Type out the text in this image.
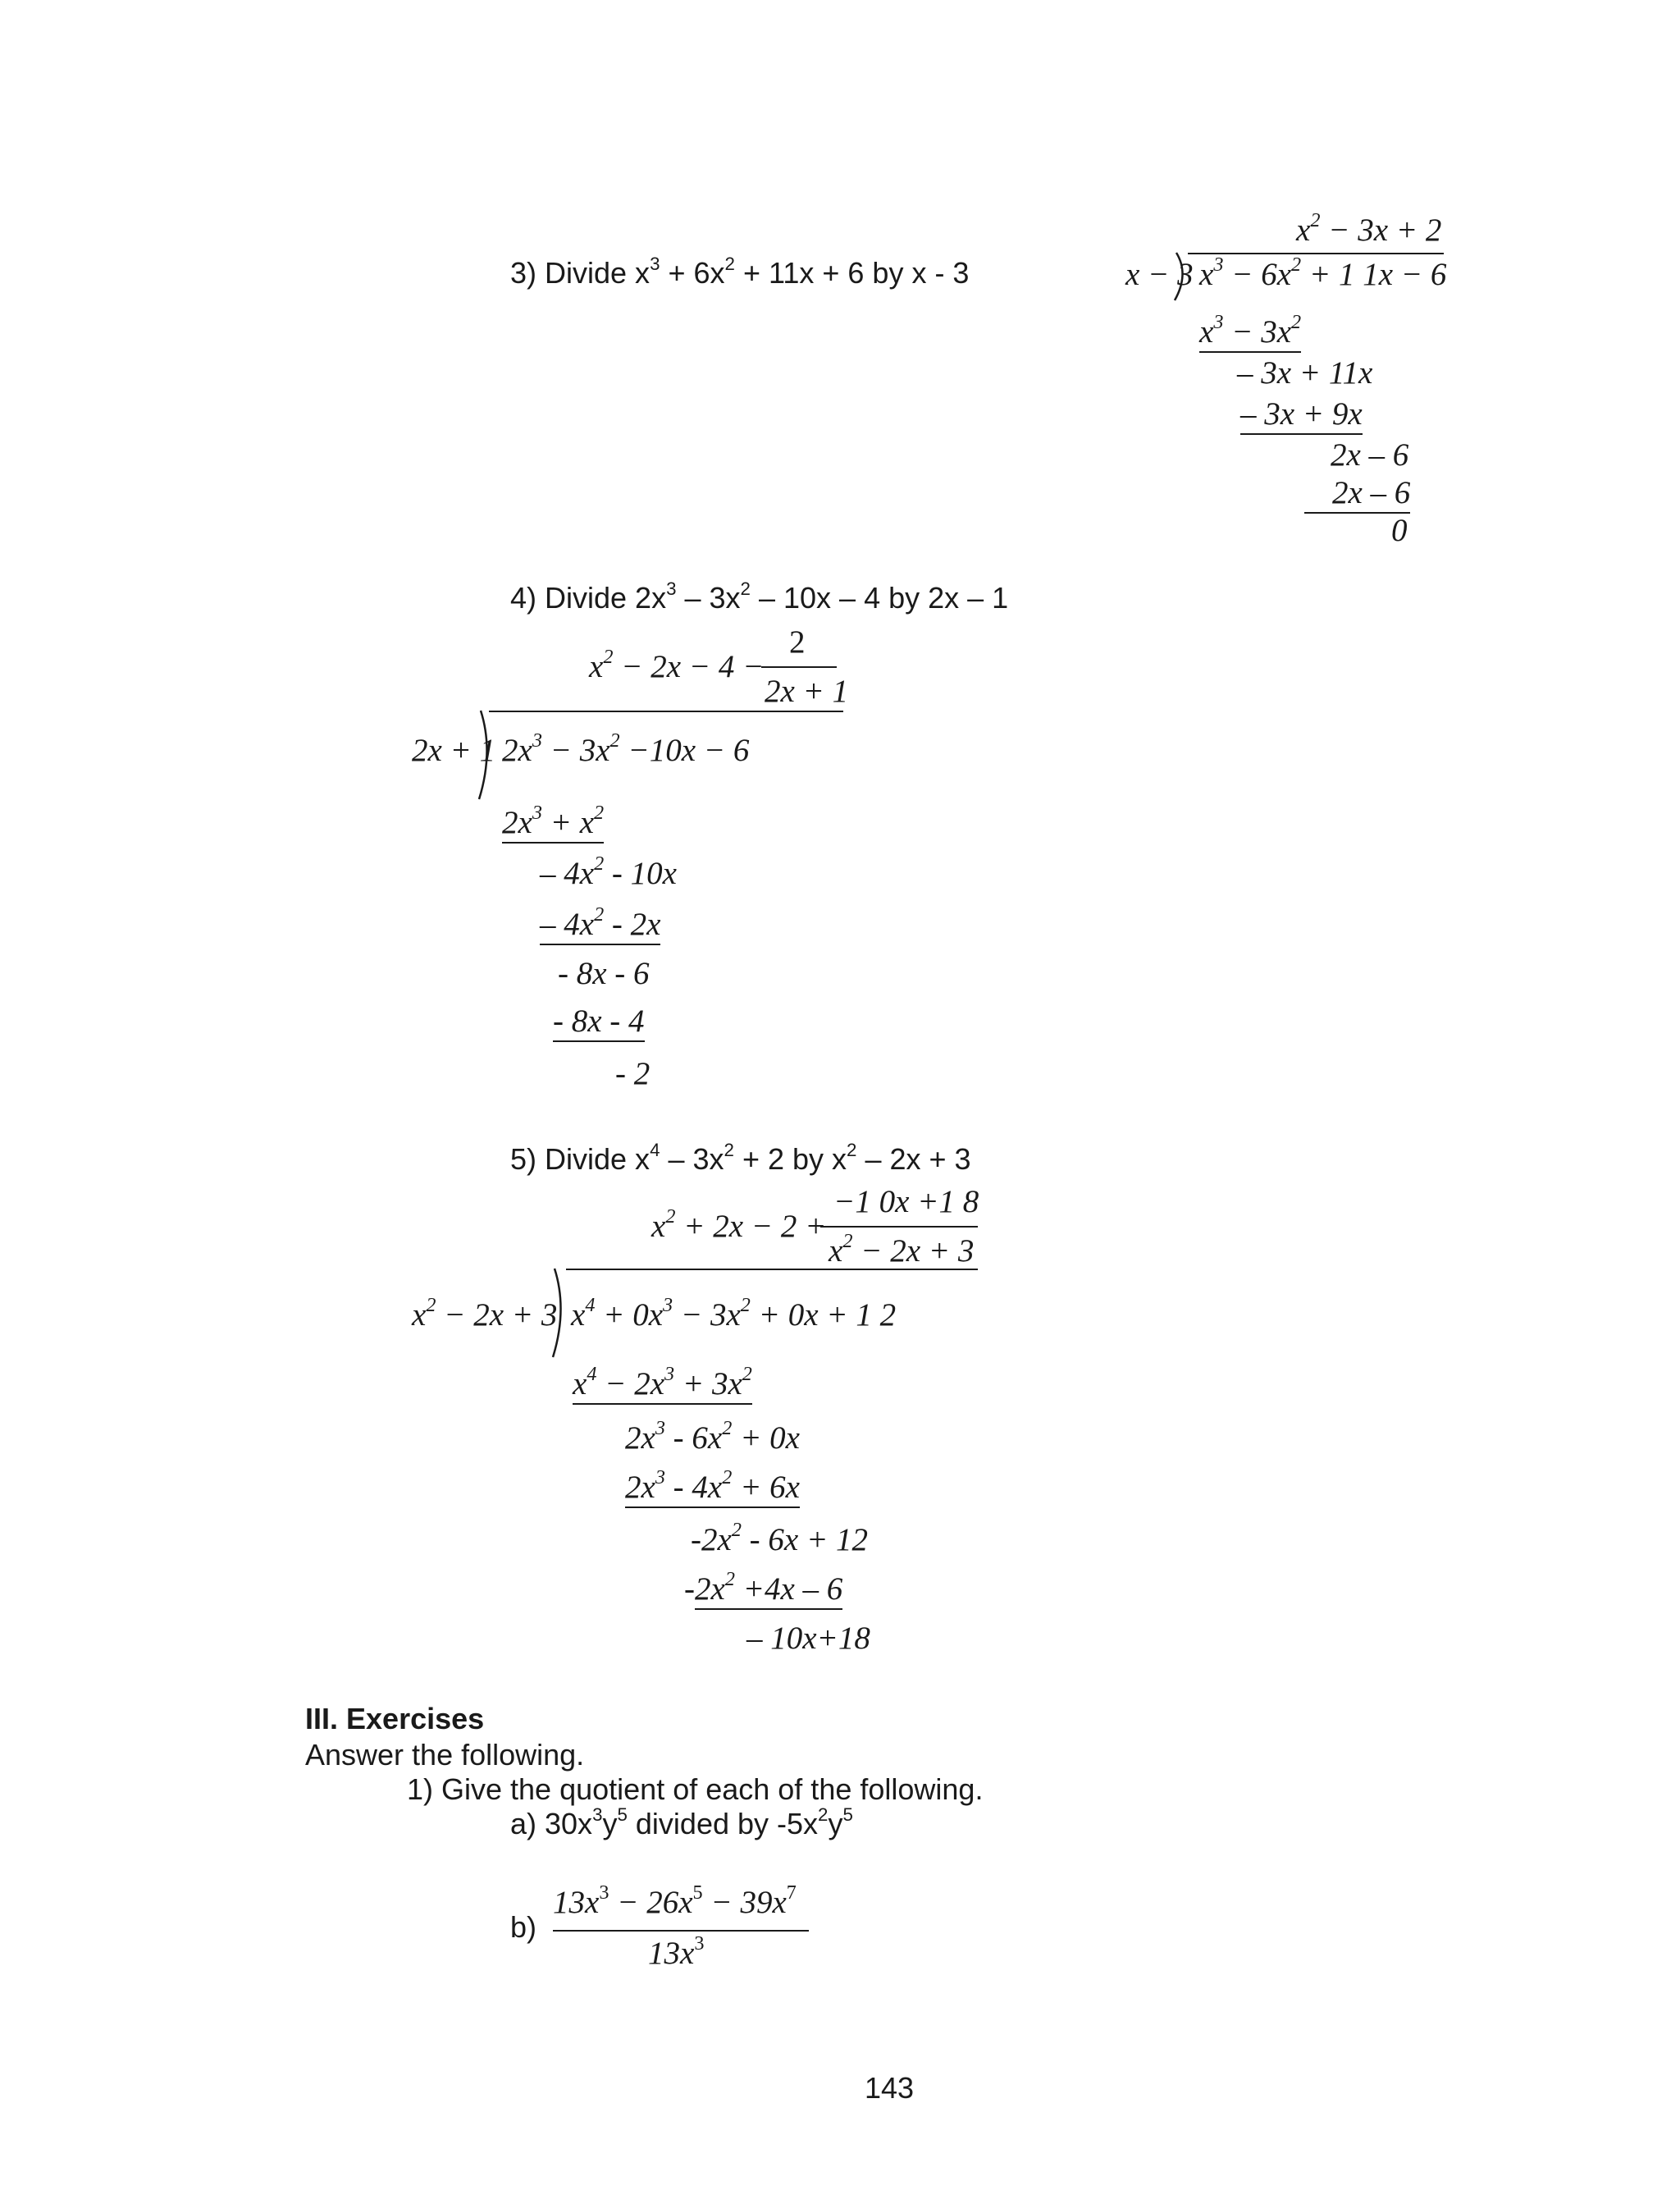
3) Divide $x^3 + 6x^2 + 11x + 6$ by x - 3
$x^2 - 3x + 2$
x − 3 $x^3 - 6x^2 + 1$ 1x − 6
$x^3 - 3x^2$
– 3x + 11x
– 3x + 9x
2x – 6
2x – 6
0
4) Divide $2x^3 - 3x^2 - 10x - 4$ by 2x – 1
$x^2 - 2x - 4$ −
2
2x + 1
2x + 1 $2x^3 - 3x^2 -10x - 6$
$2x^3 + x^2$
– $4x^2 - 10x$
– $4x^2 - 2x$
- 8x - 6
- 8x - 4
- 2
5) Divide $x^4 - 3x^2 + 2$ by $x^2 - 2x + 3$
$x^2 + 2x - 2$ +
−1 0x +1 8
$x^2 - 2x + 3$
$x^2 - 2x + 3$ $x^4 + 0x^3 - 3x^2 + 0x + 1$ 2
$x^4 - 2x^3 + 3x^2$
$2x^3 - 6x^2 + 0x$
$2x^3 - 4x^2 + 6x$
$-2x^2 - 6x + 12$
$-2x^2 +4x - 6$
– 10x+18
III. Exercises
Answer the following.
1) Give the quotient of each of the following.
a) $30x^3y^5$ divided by $-5x^2y^5$
b)
$13x^3 - 26x^5 - 39x^7$
$13x^3$
143
